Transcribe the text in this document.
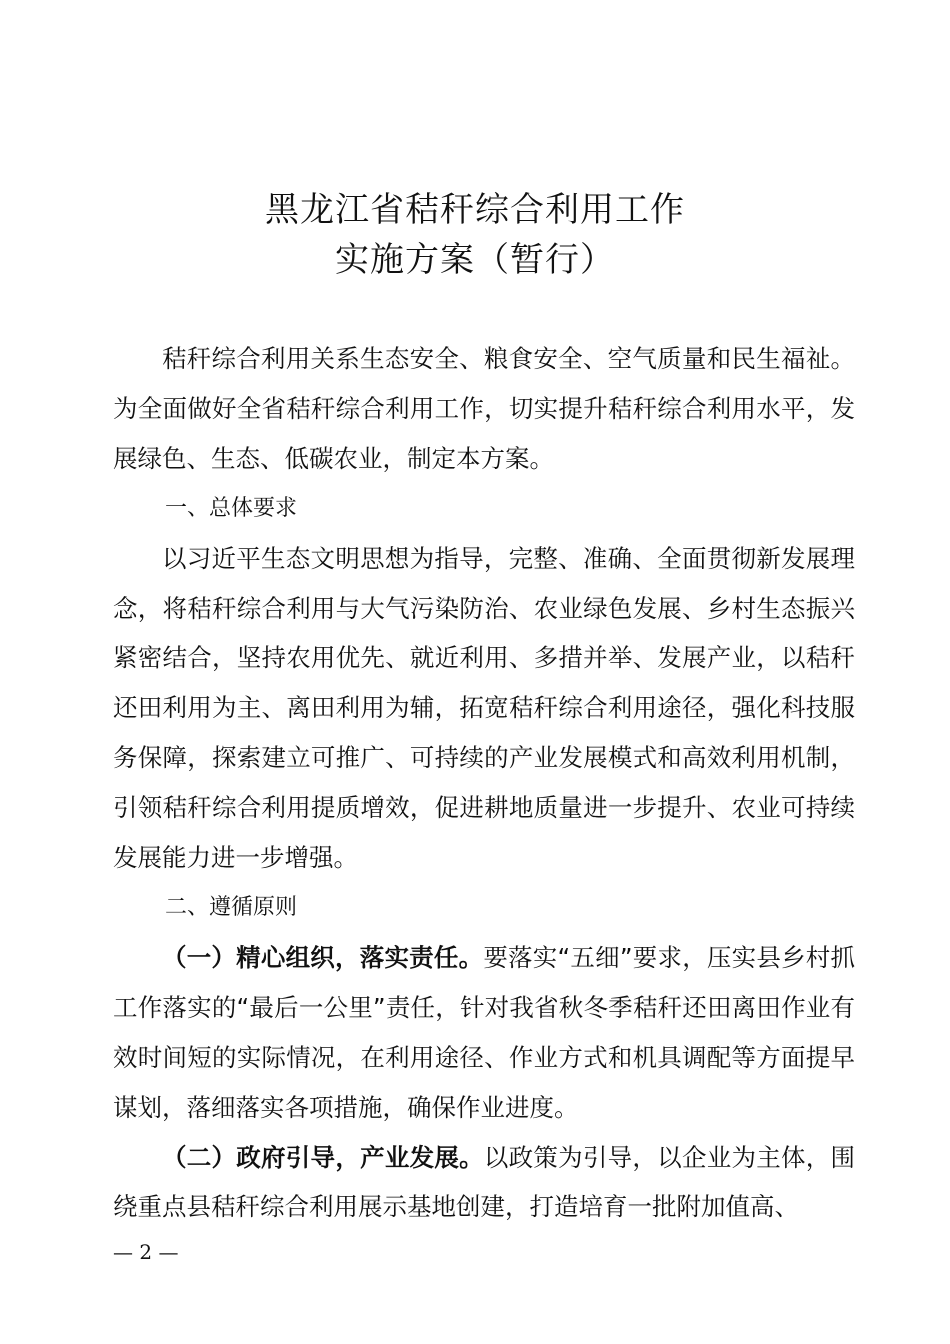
黑龙江省秸秆综合利用工作
实施方案（暂行）

秸秆综合利用关系生态安全、粮食安全、空气质量和民生福祉。为全面做好全省秸秆综合利用工作，切实提升秸秆综合利用水平，发展绿色、生态、低碳农业，制定本方案。

一、总体要求

以习近平生态文明思想为指导，完整、准确、全面贯彻新发展理念，将秸秆综合利用与大气污染防治、农业绿色发展、乡村生态振兴紧密结合，坚持农用优先、就近利用、多措并举、发展产业，以秸秆还田利用为主、离田利用为辅，拓宽秸秆综合利用途径，强化科技服务保障，探索建立可推广、可持续的产业发展模式和高效利用机制，引领秸秆综合利用提质增效，促进耕地质量进一步提升、农业可持续发展能力进一步增强。

二、遵循原则

（一）精心组织，落实责任。要落实“五细”要求，压实县乡村抓工作落实的“最后一公里”责任，针对我省秋冬季秸秆还田离田作业有效时间短的实际情况，在利用途径、作业方式和机具调配等方面提早谋划，落细落实各项措施，确保作业进度。

（二）政府引导，产业发展。以政策为引导，以企业为主体，围绕重点县秸秆综合利用展示基地创建，打造培育一批附加值高、

— 2 —
